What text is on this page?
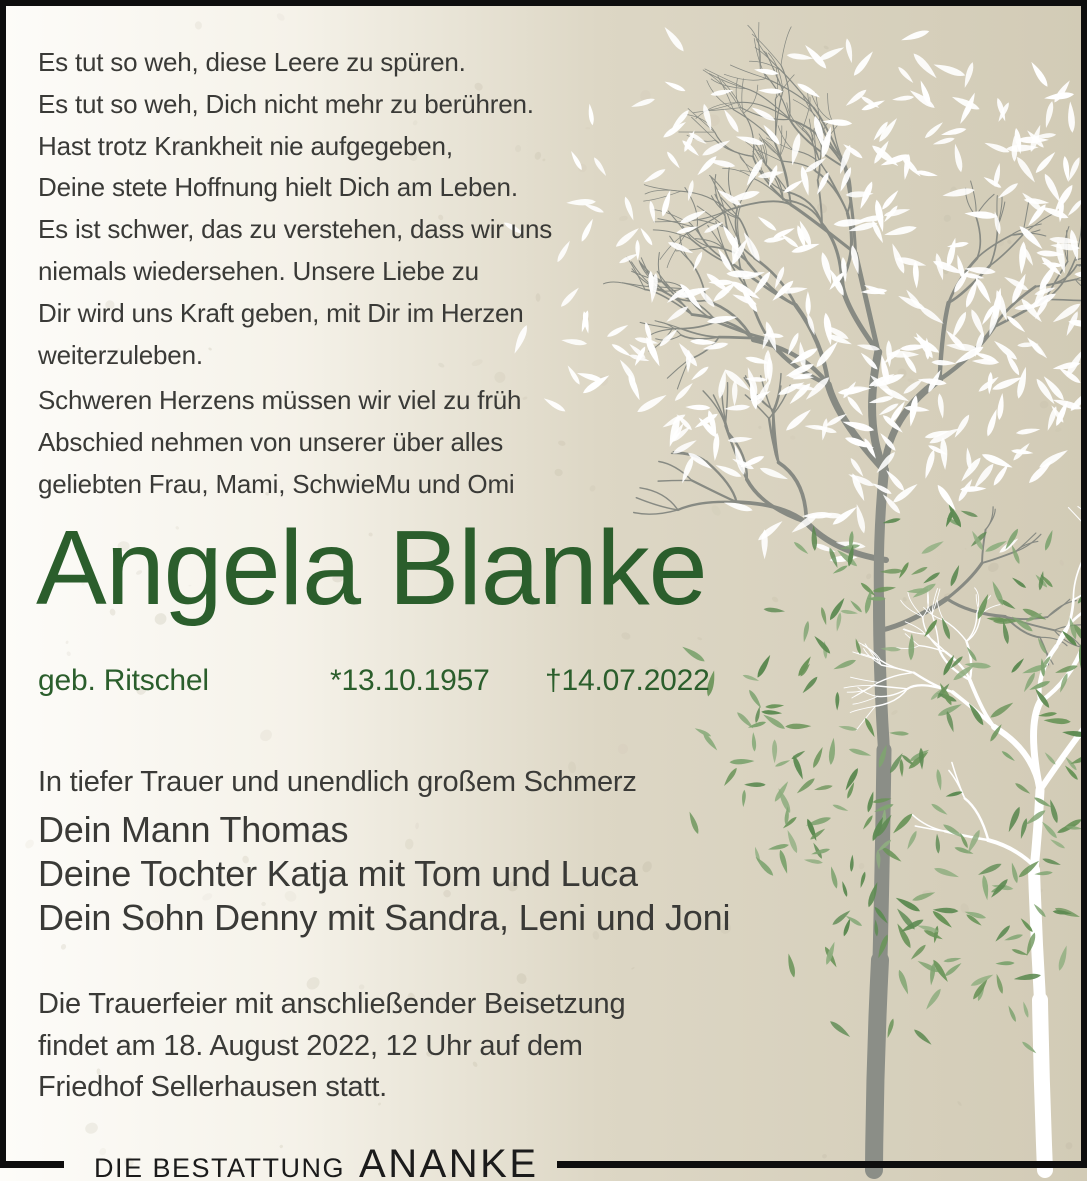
Es tut so weh, diese Leere zu spüren.
Es tut so weh, Dich nicht mehr zu berühren.
Hast trotz Krankheit nie aufgegeben,
Deine stete Hoffnung hielt Dich am Leben.
Es ist schwer, das zu verstehen, dass wir uns
niemals wiedersehen. Unsere Liebe zu
Dir wird uns Kraft geben, mit Dir im Herzen
weiterzuleben.
Schweren Herzens müssen wir viel zu früh
Abschied nehmen von unserer über alles
geliebten Frau, Mami, SchwieMu und Omi
Angela Blanke
geb. Ritschel	*13.10.1957 †14.07.2022
In tiefer Trauer und unendlich großem Schmerz
Dein Mann Thomas
Deine Tochter Katja mit Tom und Luca
Dein Sohn Denny mit Sandra, Leni und Joni
Die Trauerfeier mit anschließender Beisetzung
findet am 18. August 2022, 12 Uhr auf dem
Friedhof Sellerhausen statt.
DIE BESTATTUNG ANANKE
